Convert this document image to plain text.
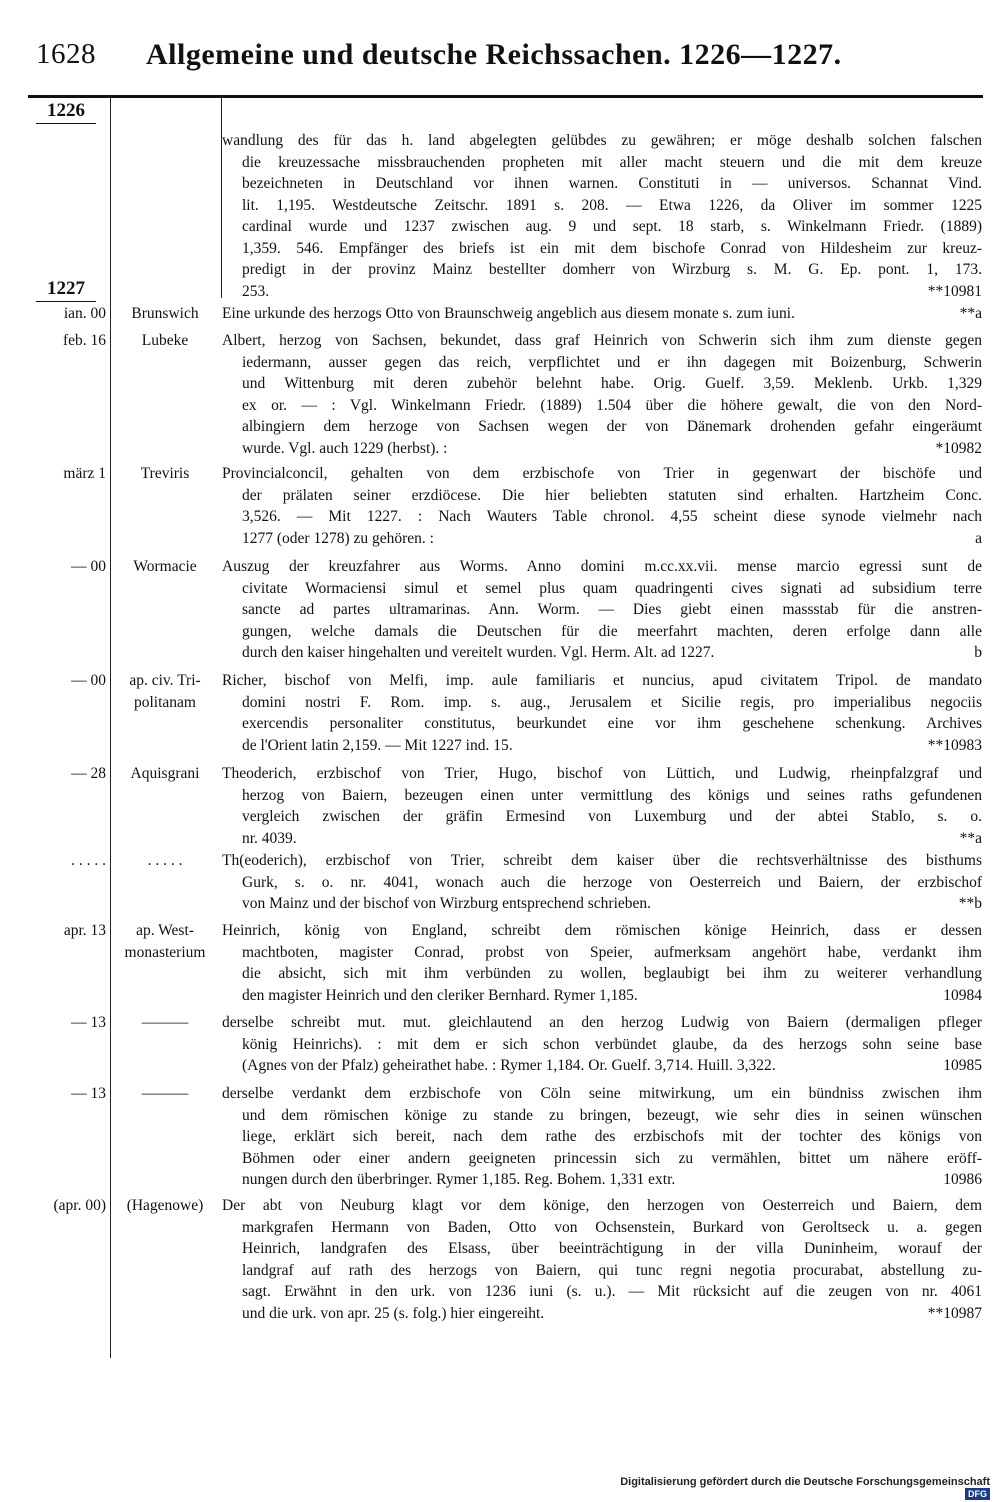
1628 Allgemeine und deutsche Reichssachen. 1226—1227.
1226
1227
wandlung des für das h. land abgelegten gelübdes zu gewähren; er möge deshalb solchen falschen
die kreuzessache missbrauchenden propheten mit aller macht steuern und die mit dem kreuze
bezeichneten in Deutschland vor ihnen warnen. Constituti in — universos. Schannat Vind.
lit. 1,195. Westdeutsche Zeitschr. 1891 s. 208. — Etwa 1226, da Oliver im sommer 1225
cardinal wurde und 1237 zwischen aug. 9 und sept. 18 starb, s. Winkelmann Friedr. (1889)
1,359. 546. Empfänger des briefs ist ein mit dem bischofe Conrad von Hildesheim zur kreuz-
predigt in der provinz Mainz bestellter domherr von Wirzburg s. M. G. Ep. pont. 1, 173.
253.	**10981
ian. 00	Brunswich	Eine urkunde des herzogs Otto von Braunschweig angeblich aus diesem monate s. zum iuni.	**a
feb. 16	Lubeke	Albert, herzog von Sachsen, bekundet, dass graf Heinrich von Schwerin sich ihm zum dienste gegen
iedermann, ausser gegen das reich, verpflichtet und er ihn dagegen mit Boizenburg, Schwerin
und Wittenburg mit deren zubehör belehnt habe. Orig. Guelf. 3,59. Meklenb. Urkb. 1,329
ex or. — : Vgl. Winkelmann Friedr. (1889) 1.504 über die höhere gewalt, die von den Nord-
albingiern dem herzoge von Sachsen wegen der von Dänemark drohenden gefahr eingeräumt
wurde. Vgl. auch 1229 (herbst). :	*10982
märz 1	Treviris	Provincialconcil, gehalten von dem erzbischofe von Trier in gegenwart der bischöfe und
der prälaten seiner erzdiöcese. Die hier beliebten statuten sind erhalten. Hartzheim Conc.
3,526. — Mit 1227. : Nach Wauters Table chronol. 4,55 scheint diese synode vielmehr nach
1277 (oder 1278) zu gehören. :	a
— 00	Wormacie	Auszug der kreuzfahrer aus Worms. Anno domini m.cc.xx.vii. mense marcio egressi sunt de
civitate Wormaciensi simul et semel plus quam quadringenti cives signati ad subsidium terre
sancte ad partes ultramarinas. Ann. Worm. — Dies giebt einen massstab für die anstren-
gungen, welche damals die Deutschen für die meerfahrt machten, deren erfolge dann alle
durch den kaiser hingehalten und vereitelt wurden. Vgl. Herm. Alt. ad 1227.	b
— 00	ap. civ. Tri-
politanam
Richer, bischof von Melfi, imp. aule familiaris et nuncius, apud civitatem Tripol. de mandato
domini nostri F. Rom. imp. s. aug., Jerusalem et Sicilie regis, pro imperialibus negociis
exercendis personaliter constitutus, beurkundet eine vor ihm geschehene schenkung. Archives
de l'Orient latin 2,159. — Mit 1227 ind. 15.	**10983
— 28	Aquisgrani	Theoderich, erzbischof von Trier, Hugo, bischof von Lüttich, und Ludwig, rheinpfalzgraf und
herzog von Baiern, bezeugen einen unter vermittlung des königs und seines raths gefundenen
vergleich zwischen der gräfin Ermesind von Luxemburg und der abtei Stablo, s. o.
nr. 4039.	**a
. . . . .	. . . . .	Th(eoderich), erzbischof von Trier, schreibt dem kaiser über die rechtsverhältnisse des bisthums
Gurk, s. o. nr. 4041, wonach auch die herzoge von Oesterreich und Baiern, der erzbischof
von Mainz und der bischof von Wirzburg entsprechend schrieben.	**b
apr. 13	ap. West-
monasterium
Heinrich, könig von England, schreibt dem römischen könige Heinrich, dass er dessen
machtboten, magister Conrad, probst von Speier, aufmerksam angehört habe, verdankt ihm
die absicht, sich mit ihm verbünden zu wollen, beglaubigt bei ihm zu weiterer verhandlung
den magister Heinrich und den cleriker Bernhard. Rymer 1,185.	10984
— 13	———	derselbe schreibt mut. mut. gleichlautend an den herzog Ludwig von Baiern (dermaligen pfleger
könig Heinrichs). : mit dem er sich schon verbündet glaube, da des herzogs sohn seine base
(Agnes von der Pfalz) geheirathet habe. : Rymer 1,184. Or. Guelf. 3,714. Huill. 3,322.	10985
— 13	———	derselbe verdankt dem erzbischofe von Cöln seine mitwirkung, um ein bündniss zwischen ihm
und dem römischen könige zu stande zu bringen, bezeugt, wie sehr dies in seinen wünschen
liege, erklärt sich bereit, nach dem rathe des erzbischofs mit der tochter des königs von
Böhmen oder einer andern geeigneten princessin sich zu vermählen, bittet um nähere eröff-
nungen durch den überbringer. Rymer 1,185. Reg. Bohem. 1,331 extr.	10986
(apr. 00)	(Hagenowe)	Der abt von Neuburg klagt vor dem könige, den herzogen von Oesterreich und Baiern, dem
markgrafen Hermann von Baden, Otto von Ochsenstein, Burkard von Geroltseck u. a. gegen
Heinrich, landgrafen des Elsass, über beeinträchtigung in der villa Duninheim, worauf der
landgraf auf rath des herzogs von Baiern, qui tunc regni negotia procurabat, abstellung zu-
sagt. Erwähnt in den urk. von 1236 iuni (s. u.). — Mit rücksicht auf die zeugen von nr. 4061
und die urk. von apr. 25 (s. folg.) hier eingereiht.	**10987
Digitalisierung gefördert durch die Deutsche Forschungsgemeinschaft DFG
